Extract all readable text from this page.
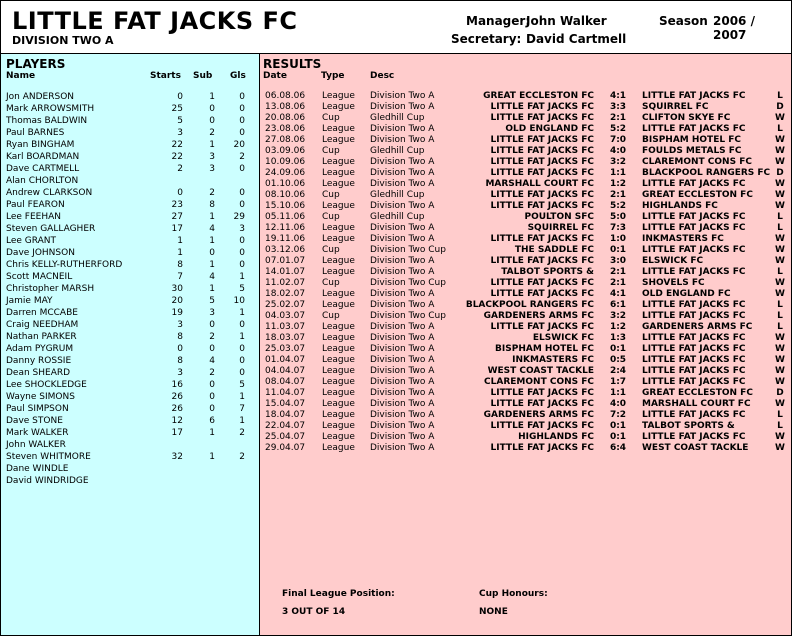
LITTLE FAT JACKS FC
DIVISION TWO A
Manager:
John Walker
Secretary: David Cartmell
Season 2006 / 2007
PLAYERS
Name	Starts Sub Gls
Jon ANDERSON	0	1	0
Mark ARROWSMITH	25	0	0
Thomas BALDWIN	5	0	0
Paul BARNES	3	2	0
Ryan BINGHAM	22	1	20
Karl BOARDMAN	22	3	2
Dave CARTMELL	2	3	0
Alan CHORLTON
Andrew CLARKSON	0	2	0
Paul FEARON	23	8	0
Lee FEEHAN	27	1	29
Steven GALLAGHER	17	4	3
Lee GRANT	1	1	0
Dave JOHNSON	1	0	0
Chris KELLY-RUTHERFORD	8	1	0
Scott MACNEIL	7	4	1
Christopher MARSH	30	1	5
Jamie MAY	20	5	10
Darren MCCABE	19	3	1
Craig NEEDHAM	3	0	0
Nathan PARKER	8	2	1
Adam PYGRUM	0	0	0
Danny ROSSIE	8	4	0
Dean SHEARD	3	2	0
Lee SHOCKLEDGE	16	0	5
Wayne SIMONS	26	0	1
Paul SIMPSON	26	0	7
Dave STONE	12	6	1
Mark WALKER	17	1	2
John WALKER
Steven WHITMORE	32	1	2
Dane WINDLE
David WINDRIDGE
RESULTS
Date	Type	Desc
06.08.06 League Division Two A	GREAT ECCLESTON FC	4:1	LITTLE FAT JACKS FC	L
13.08.06 League Division Two A	LITTLE FAT JACKS FC	3:3	SQUIRREL FC	D
20.08.06 Cup	Gledhill Cup	LITTLE FAT JACKS FC	2:1	CLIFTON SKYE FC	W
23.08.06 League Division Two A	OLD ENGLAND FC	5:2	LITTLE FAT JACKS FC	L
27.08.06 League Division Two A	LITTLE FAT JACKS FC	7:0	BISPHAM HOTEL FC	W
03.09.06 Cup	Gledhill Cup	LITTLE FAT JACKS FC	4:0	FOULDS METALS FC	W
10.09.06 League Division Two A	LITTLE FAT JACKS FC	3:2	CLAREMONT CONS FC	W
24.09.06 League Division Two A	LITTLE FAT JACKS FC	1:1	BLACKPOOL RANGERS FC D
01.10.06 League Division Two A	MARSHALL COURT FC	1:2	LITTLE FAT JACKS FC	W
08.10.06 Cup	Gledhill Cup	LITTLE FAT JACKS FC	2:1	GREAT ECCLESTON FC	W
15.10.06 League Division Two A	LITTLE FAT JACKS FC	5:2	HIGHLANDS FC	W
05.11.06 Cup	Gledhill Cup	POULTON SFC	5:0	LITTLE FAT JACKS FC	L
12.11.06 League Division Two A	SQUIRREL FC	7:3	LITTLE FAT JACKS FC	L
19.11.06 League Division Two A	LITTLE FAT JACKS FC	1:0	INKMASTERS FC	W
03.12.06 Cup	Division Two Cup	THE SADDLE FC	0:1	LITTLE FAT JACKS FC	W
07.01.07 League Division Two A	LITTLE FAT JACKS FC	3:0	ELSWICK FC	W
14.01.07 League Division Two A	TALBOT SPORTS &	2:1	LITTLE FAT JACKS FC	L
11.02.07 Cup	Division Two Cup	LITTLE FAT JACKS FC	2:1	SHOVELS FC	W
18.02.07 League Division Two A	LITTLE FAT JACKS FC	4:1	OLD ENGLAND FC	W
25.02.07 League Division Two A	BLACKPOOL RANGERS FC	6:1	LITTLE FAT JACKS FC	L
04.03.07 Cup	Division Two Cup	GARDENERS ARMS FC	3:2	LITTLE FAT JACKS FC	L
11.03.07 League Division Two A	LITTLE FAT JACKS FC	1:2	GARDENERS ARMS FC	L
18.03.07 League Division Two A	ELSWICK FC	1:3	LITTLE FAT JACKS FC	W
25.03.07 League Division Two A	BISPHAM HOTEL FC	0:1	LITTLE FAT JACKS FC	W
01.04.07 League Division Two A	INKMASTERS FC	0:5	LITTLE FAT JACKS FC	W
04.04.07 League Division Two A	WEST COAST TACKLE	2:4	LITTLE FAT JACKS FC	W
08.04.07 League Division Two A	CLAREMONT CONS FC	1:7	LITTLE FAT JACKS FC	W
11.04.07 League Division Two A	LITTLE FAT JACKS FC	1:1	GREAT ECCLESTON FC	D
15.04.07 League Division Two A	LITTLE FAT JACKS FC	4:0	MARSHALL COURT FC	W
18.04.07 League Division Two A	GARDENERS ARMS FC	7:2	LITTLE FAT JACKS FC	L
22.04.07 League Division Two A	LITTLE FAT JACKS FC	0:1	TALBOT SPORTS &	L
25.04.07 League Division Two A	HIGHLANDS FC	0:1	LITTLE FAT JACKS FC	W
29.04.07 League Division Two A	LITTLE FAT JACKS FC	6:4	WEST COAST TACKLE	W
Final League Position:
3 OUT OF 14
Cup Honours:
NONE
